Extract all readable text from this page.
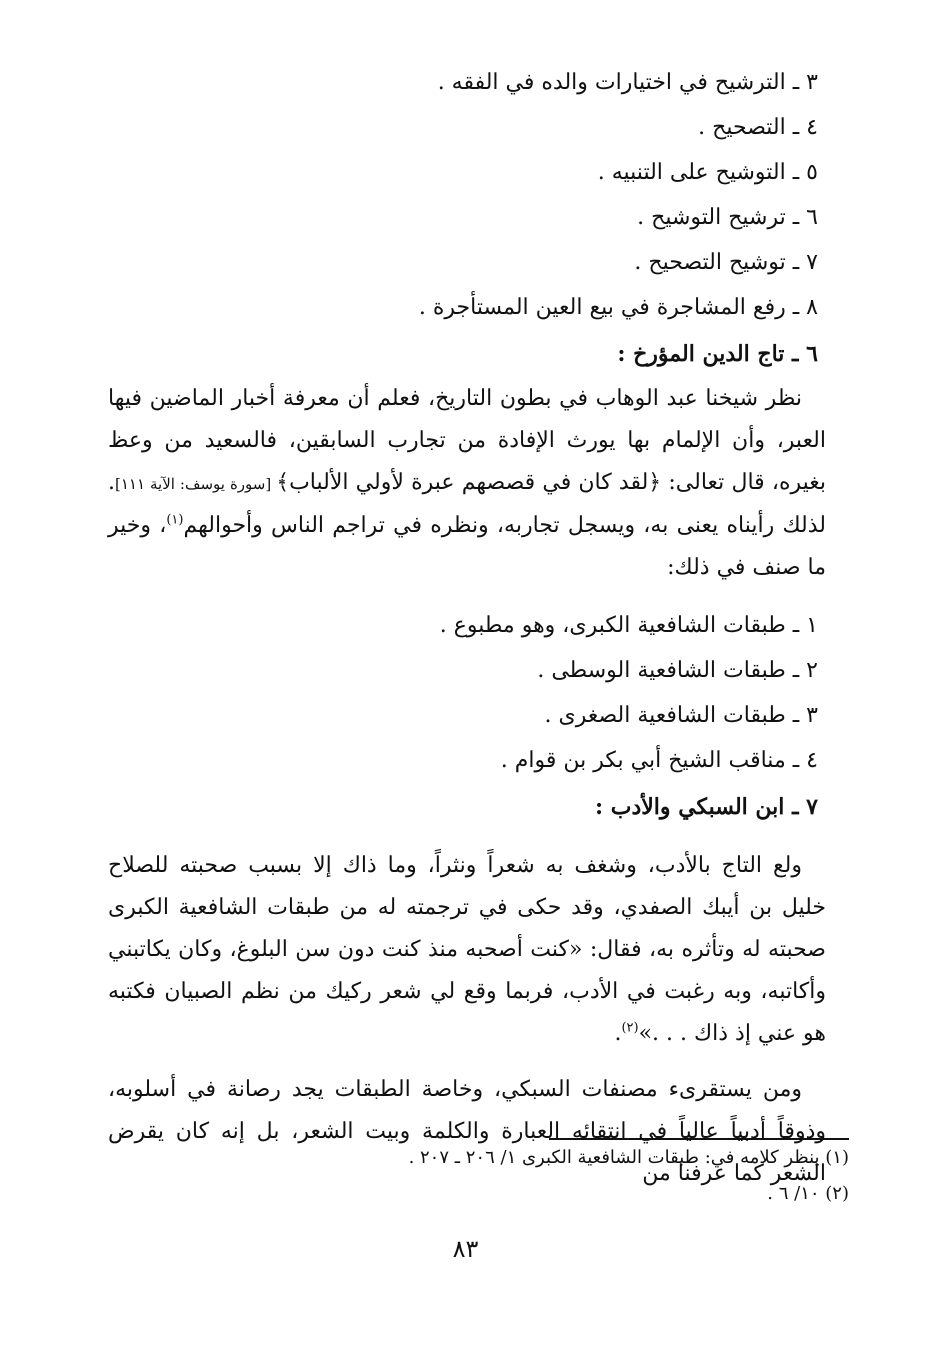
٣ ـ الترشيح في اختيارات والده في الفقه .
٤ ـ التصحيح .
٥ ـ التوشيح على التنبيه .
٦ ـ ترشيح التوشيح .
٧ ـ توشيح التصحيح .
٨ ـ رفع المشاجرة في بيع العين المستأجرة .
٦ ـ تاج الدين المؤرخ :

نظر شيخنا عبد الوهاب في بطون التاريخ، فعلم أن معرفة أخبار الماضين فيها العبر، وأن الإلمام بها يورث الإفادة من تجارب السابقين، فالسعيد من وعظ بغيره، قال تعالى: ﴿لقد كان في قصصهم عبرة لأولي الألباب﴾ [سورة يوسف: الآية ١١١]. لذلك رأيناه يعنى به، ويسجل تجاربه، ونظره في تراجم الناس وأحوالهم$^{(١)}$، وخير ما صنف في ذلك:

١ ـ طبقات الشافعية الكبرى، وهو مطبوع .
٢ ـ طبقات الشافعية الوسطى .
٣ ـ طبقات الشافعية الصغرى .
٤ ـ مناقب الشيخ أبي بكر بن قوام .
٧ ـ ابن السبكي والأدب :

ولع التاج بالأدب، وشغف به شعراً ونثراً، وما ذاك إلا بسبب صحبته للصلاح خليل بن أيبك الصفدي، وقد حكى في ترجمته له من طبقات الشافعية الكبرى صحبته له وتأثره به، فقال: «كنت أصحبه منذ كنت دون سن البلوغ، وكان يكاتبني وأكاتبه، وبه رغبت في الأدب، فربما وقع لي شعر ركيك من نظم الصبيان فكتبه هو عني إذ ذاك . . .»$^{(٢)}$.

ومن يستقرىء مصنفات السبكي، وخاصة الطبقات يجد رصانة في أسلوبه، وذوقاً أدبياً عالياً في انتقائه العبارة والكلمة وبيت الشعر، بل إنه كان يقرض الشعر كما عرفنا من

(١) ينظر كلامه في: طبقات الشافعية الكبرى ١/ ٢٠٦ ـ ٢٠٧ .
(٢) ١٠/ ٦ .
٨٣
